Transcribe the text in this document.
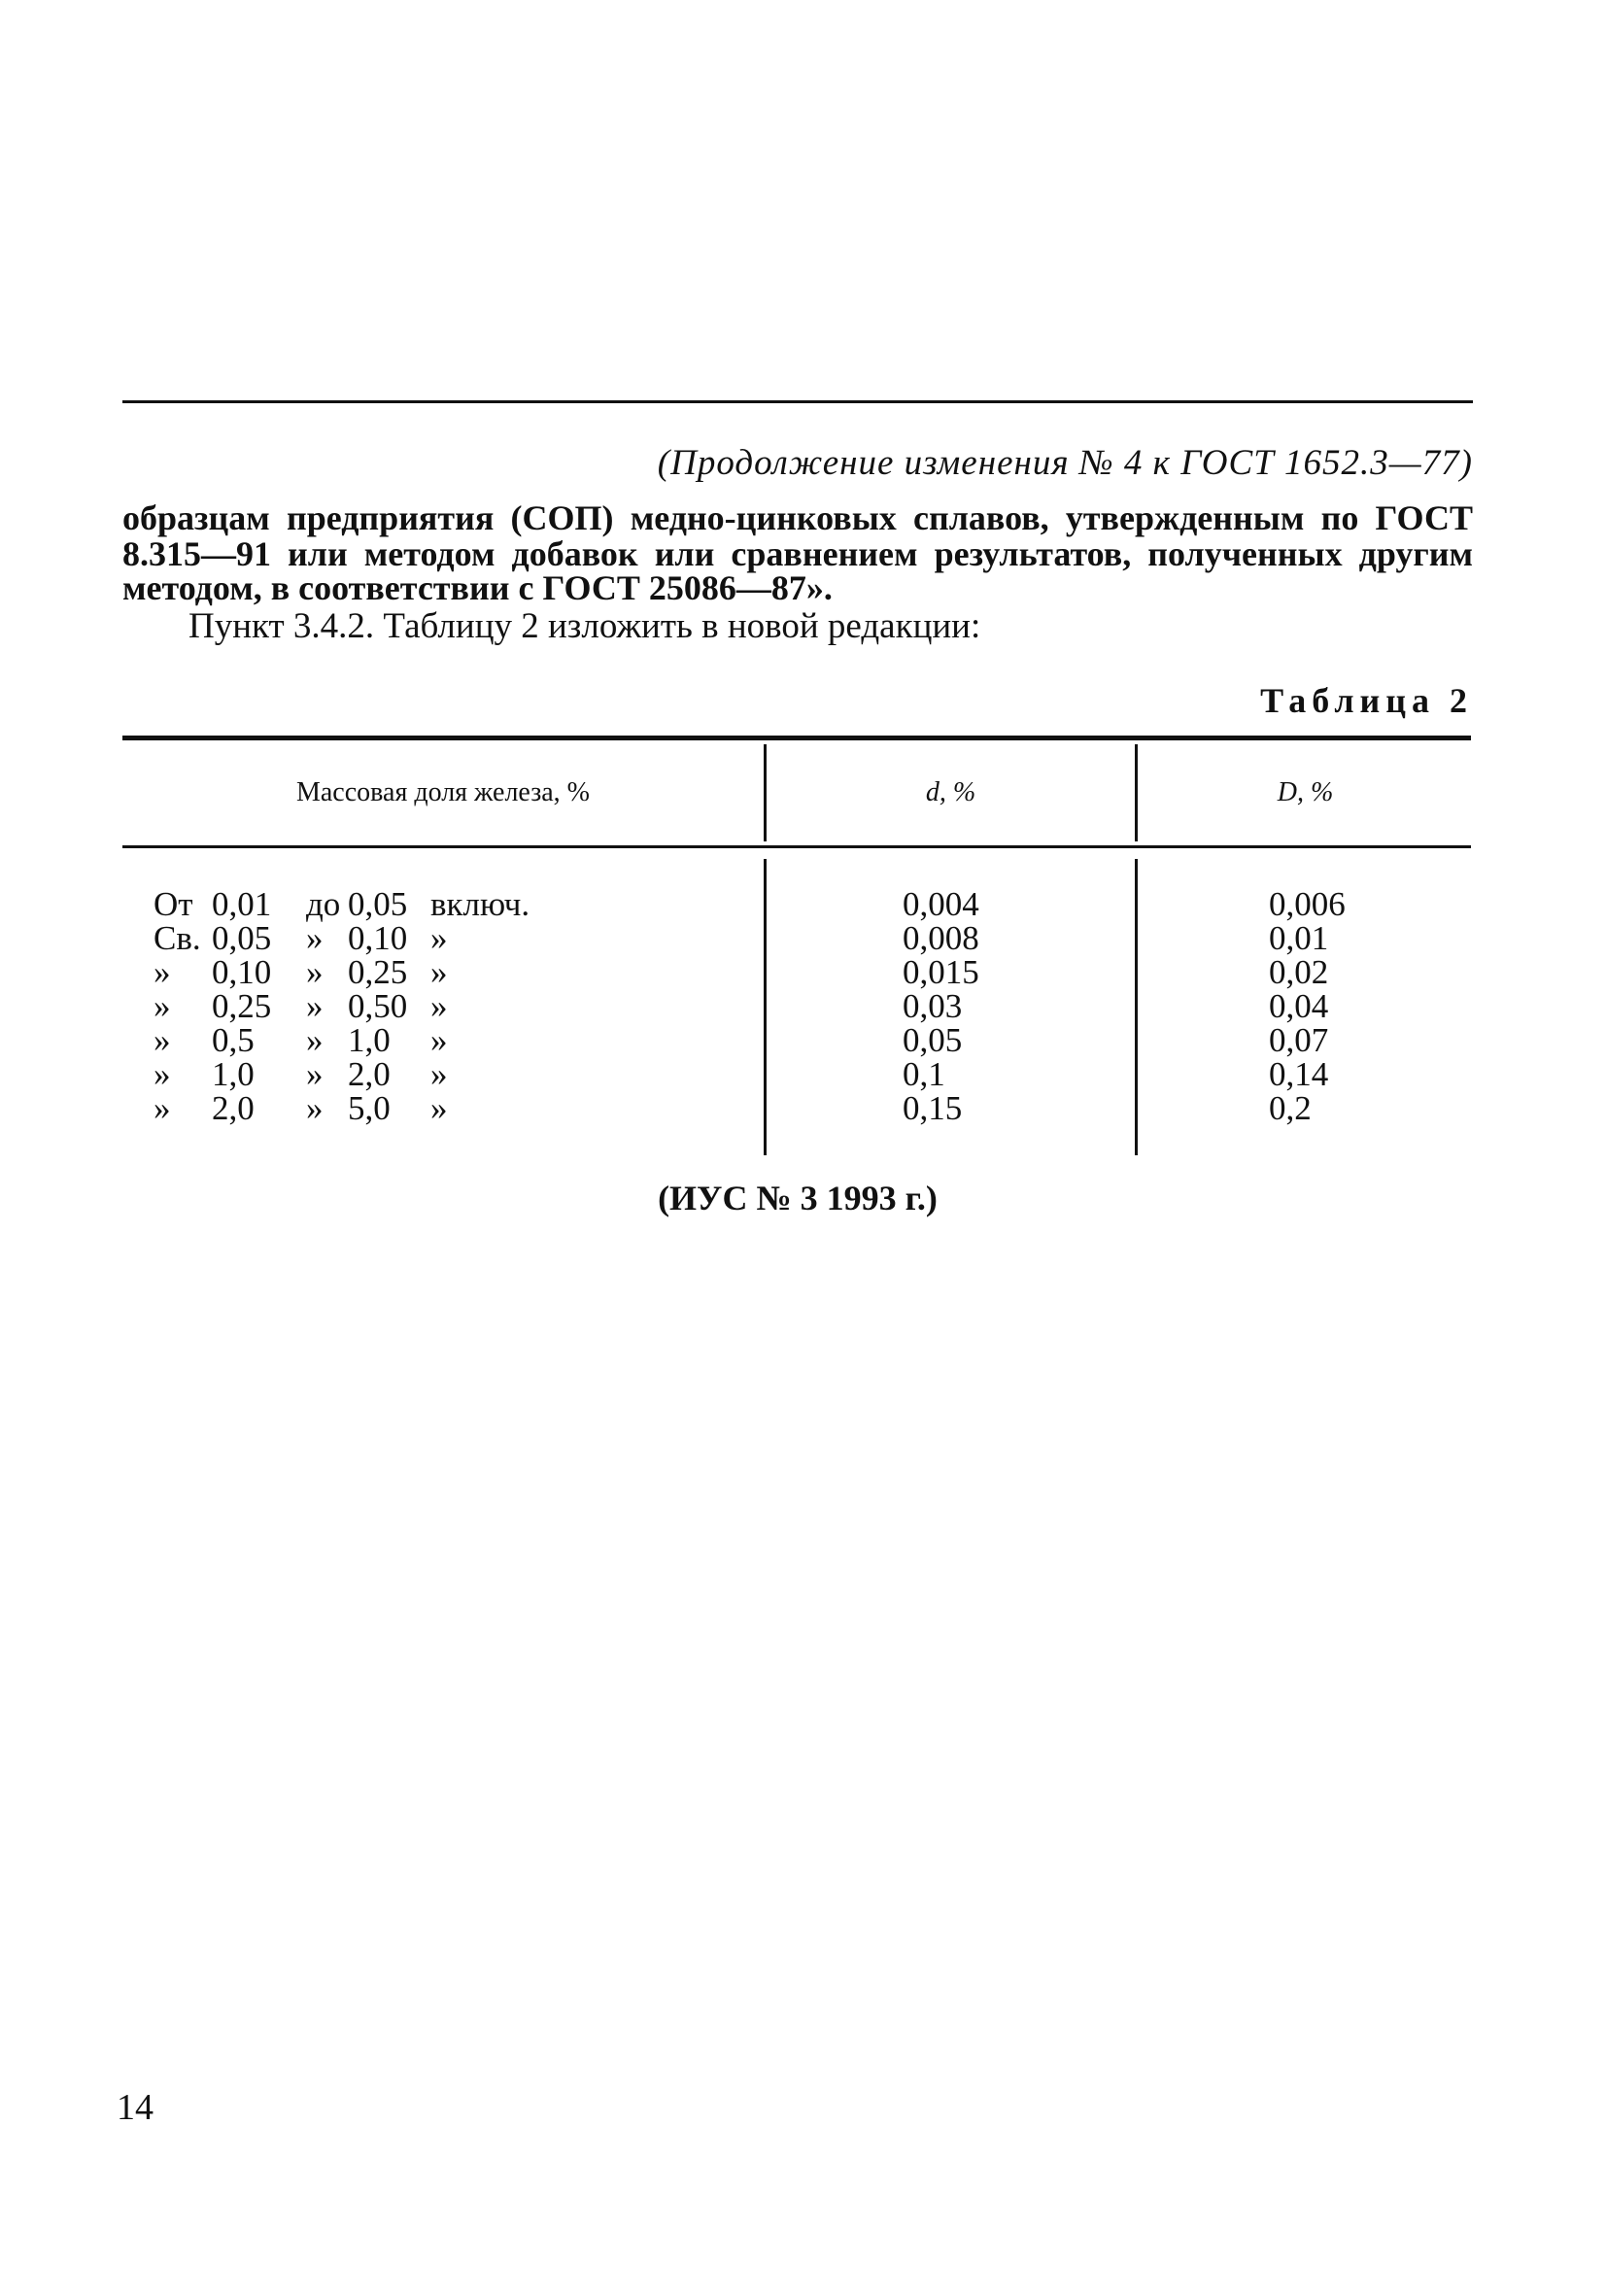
(Продолжение изменения № 4 к ГОСТ 1652.3—77)
образцам предприятия (СОП) медно-цинковых сплавов, утвержденным по ГОСТ
8.315—91 или методом добавок или сравнением результатов, полученных другим
методом, в соответствии с ГОСТ 25086—87».
Пункт 3.4.2. Таблицу 2 изложить в новой редакции:
Таблица 2
Массовая доля железа, %	d, %	D, %
От 0,01 до 0,05 включ.	0,004	0,006
Св. 0,05 » 0,10 »	0,008	0,01
» 0,10 » 0,25 »	0,015	0,02
» 0,25 » 0,50 »	0,03	0,04
» 0,5 » 1,0 »	0,05	0,07
» 1,0 » 2,0 »	0,1	0,14
» 2,0 » 5,0 »	0,15	0,2
(ИУС № 3 1993 г.)
14
